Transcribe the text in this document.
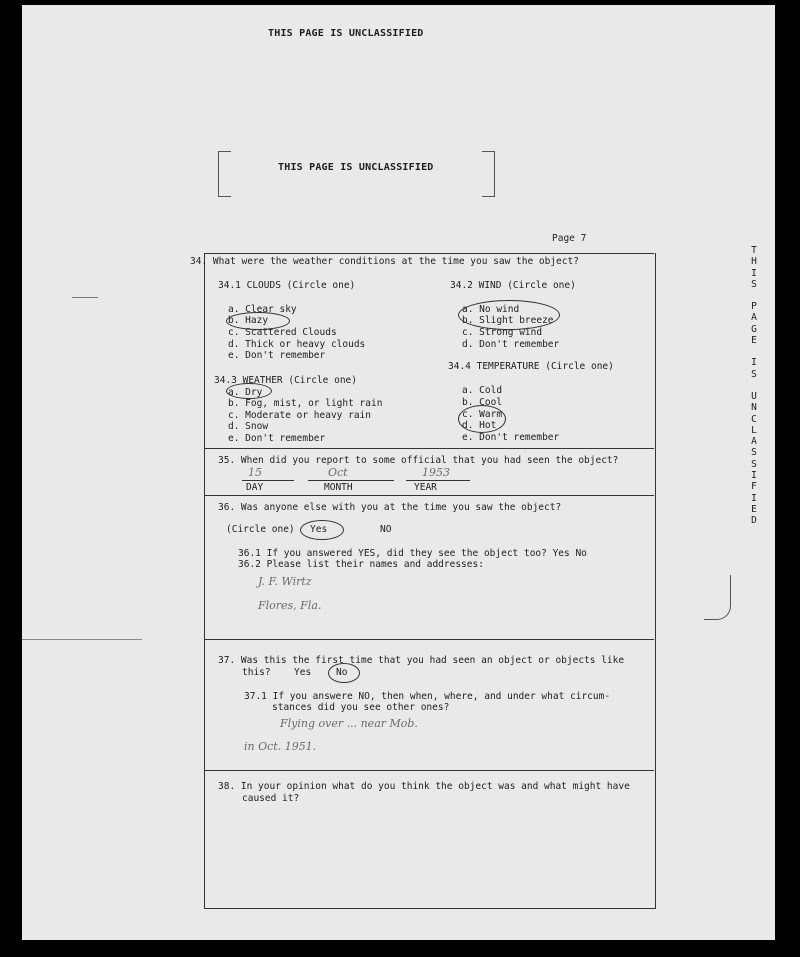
THIS PAGE IS UNCLASSIFIED
THIS PAGE IS UNCLASSIFIED
T
H
I
S
P
A
G
E
I
S
U
N
C
L
A
S
S
I
F
I
E
D
Page 7
34. What were the weather conditions at the time you saw the object?
34.1 CLOUDS (Circle one)
a. Clear sky
b. Hazy
c. Scattered Clouds
d. Thick or heavy clouds
e. Don't remember
34.2 WIND (Circle one)
a. No wind
b. Slight breeze
c. Strong wind
d. Don't remember
34.3 WEATHER (Circle one)
a. Dry
b. Fog, mist, or light rain
c. Moderate or heavy rain
d. Snow
e. Don't remember
34.4 TEMPERATURE (Circle one)
a. Cold
b. Cool
c. Warm
d. Hot
e. Don't remember
35. When did you report to some official that you had seen the object?
15	Oct	1953
DAY	MONTH	YEAR
36. Was anyone else with you at the time you saw the object?
(Circle one) Yes	NO
36.1 If you answered YES, did they see the object too? Yes No
36.2 Please list their names and addresses:
J. F. Wirtz
Flores, Fla.
37. Was this the first time that you had seen an object or objects like
this? Yes	No
37.1 If you answere NO, then when, where, and under what circum-
stances did you see other ones?
Flying over ... near Mob.
in Oct. 1951.
38. In your opinion what do you think the object was and what might have
caused it?
